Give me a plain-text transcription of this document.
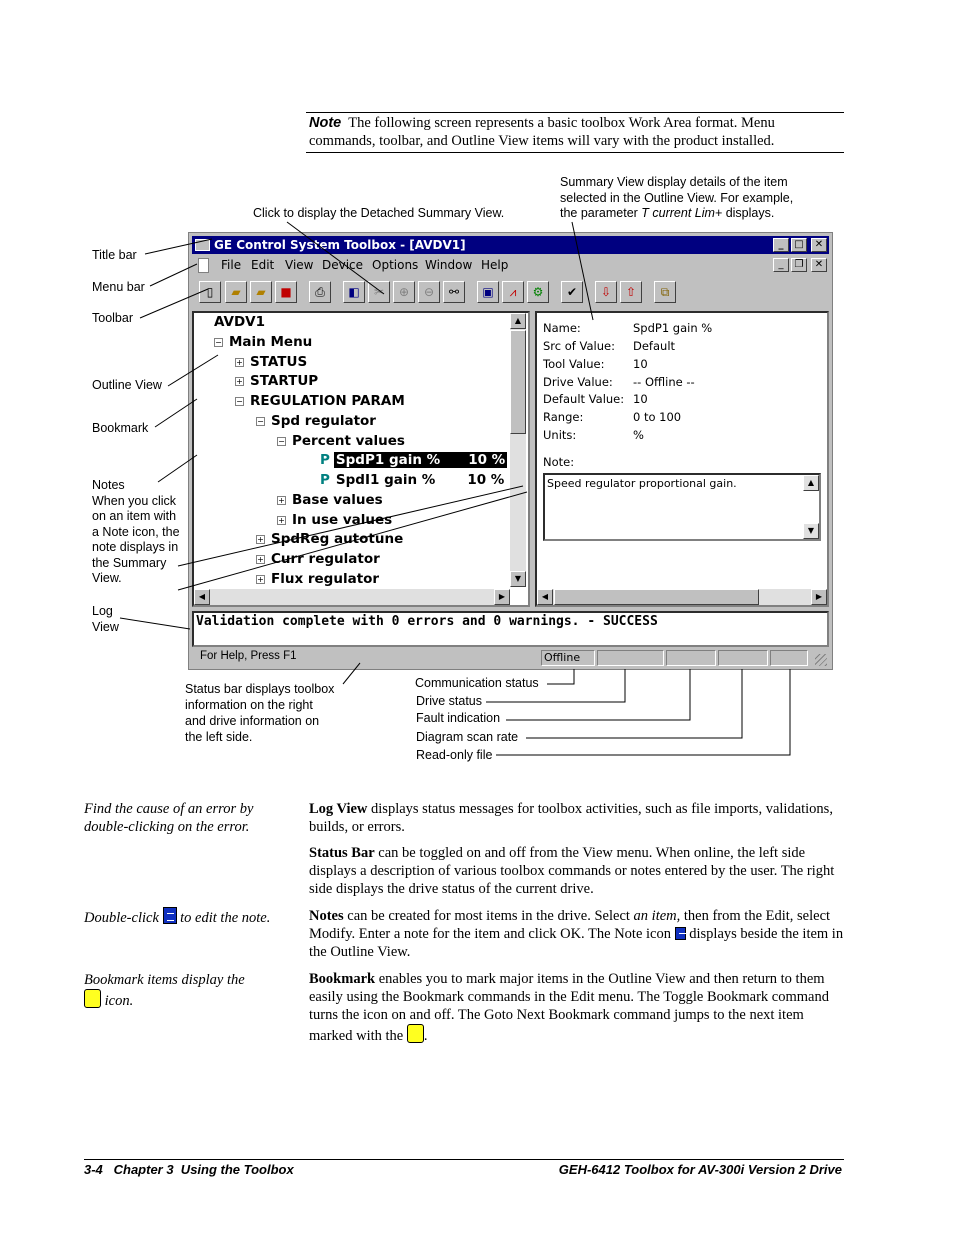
Note The following screen represents a basic toolbox Work Area format. Menu commands, toolbar, and Outline View items will vary with the product installed.
Click to display the Detached Summary View.
Summary View display details of the item
selected in the Outline View. For example,
the parameter T current Lim+ displays.
Title bar
Menu bar
Toolbar
Outline View
Bookmark
Notes
When you click
on an item with
a Note icon, the
note displays in
the Summary
View.
Log
View
Status bar displays toolbox
information on the right
and drive information on
the left side.
Communication status
Drive status
Fault indication
Diagram scan rate
Read-only file
GE Control System Toolbox - [AVDV1]	_	□	✕
File Edit View Device Options Window Help	_	❐	✕
▯	▰	▰	■	⎙	◧	✂	⊕	⊖	⚯	▣	⩘	⚙	✔	⇩	⇧	⧉
AVDV1
− Main Menu
+ STATUS
+ STARTUP
− REGULATION PARAM
− Spd regulator
− Percent values
P SpdP1 gain % 10 %
P SpdI1 gain % 10 %
+ Base values
+ In use values
+ SpdReg autotune
+ Curr regulator
+ Flux regulator
▲
▼
◀	▶
Name:	SpdP1 gain %
Src of Value: Default
Tool Value: 10
Drive Value: -- Offline --
Default Value: 10
Range:	0 to 100
Units:	%
Note:
Speed regulator proportional gain.	▲
▼
◀	▶
Validation complete with 0 errors and 0 warnings. - SUCCESS
For Help, Press F1	Offline
Find the cause of an error by double-clicking on the error.
Log View displays status messages for toolbox activities, such as file imports, validations, builds, or errors.
Status Bar can be toggled on and off from the View menu. When online, the left side displays a description of various toolbox commands or notes entered by the user. The right side displays the drive status of the current drive.
Double-click  to edit the note.	Notes can be created for most items in the drive. Select an item, then from the Edit, select Modify. Enter a note for the item and click OK. The Note icon  displays beside the item in the Outline View.
Bookmark items display the
icon.
Bookmark enables you to mark major items in the Outline View and then return to them easily using the Bookmark commands in the Edit menu. The Toggle Bookmark command turns the icon on and off. The Goto Next Bookmark command jumps to the next item marked with the .
3-4   Chapter 3  Using the Toolbox	GEH-6412 Toolbox for AV-300i Version 2 Drive
